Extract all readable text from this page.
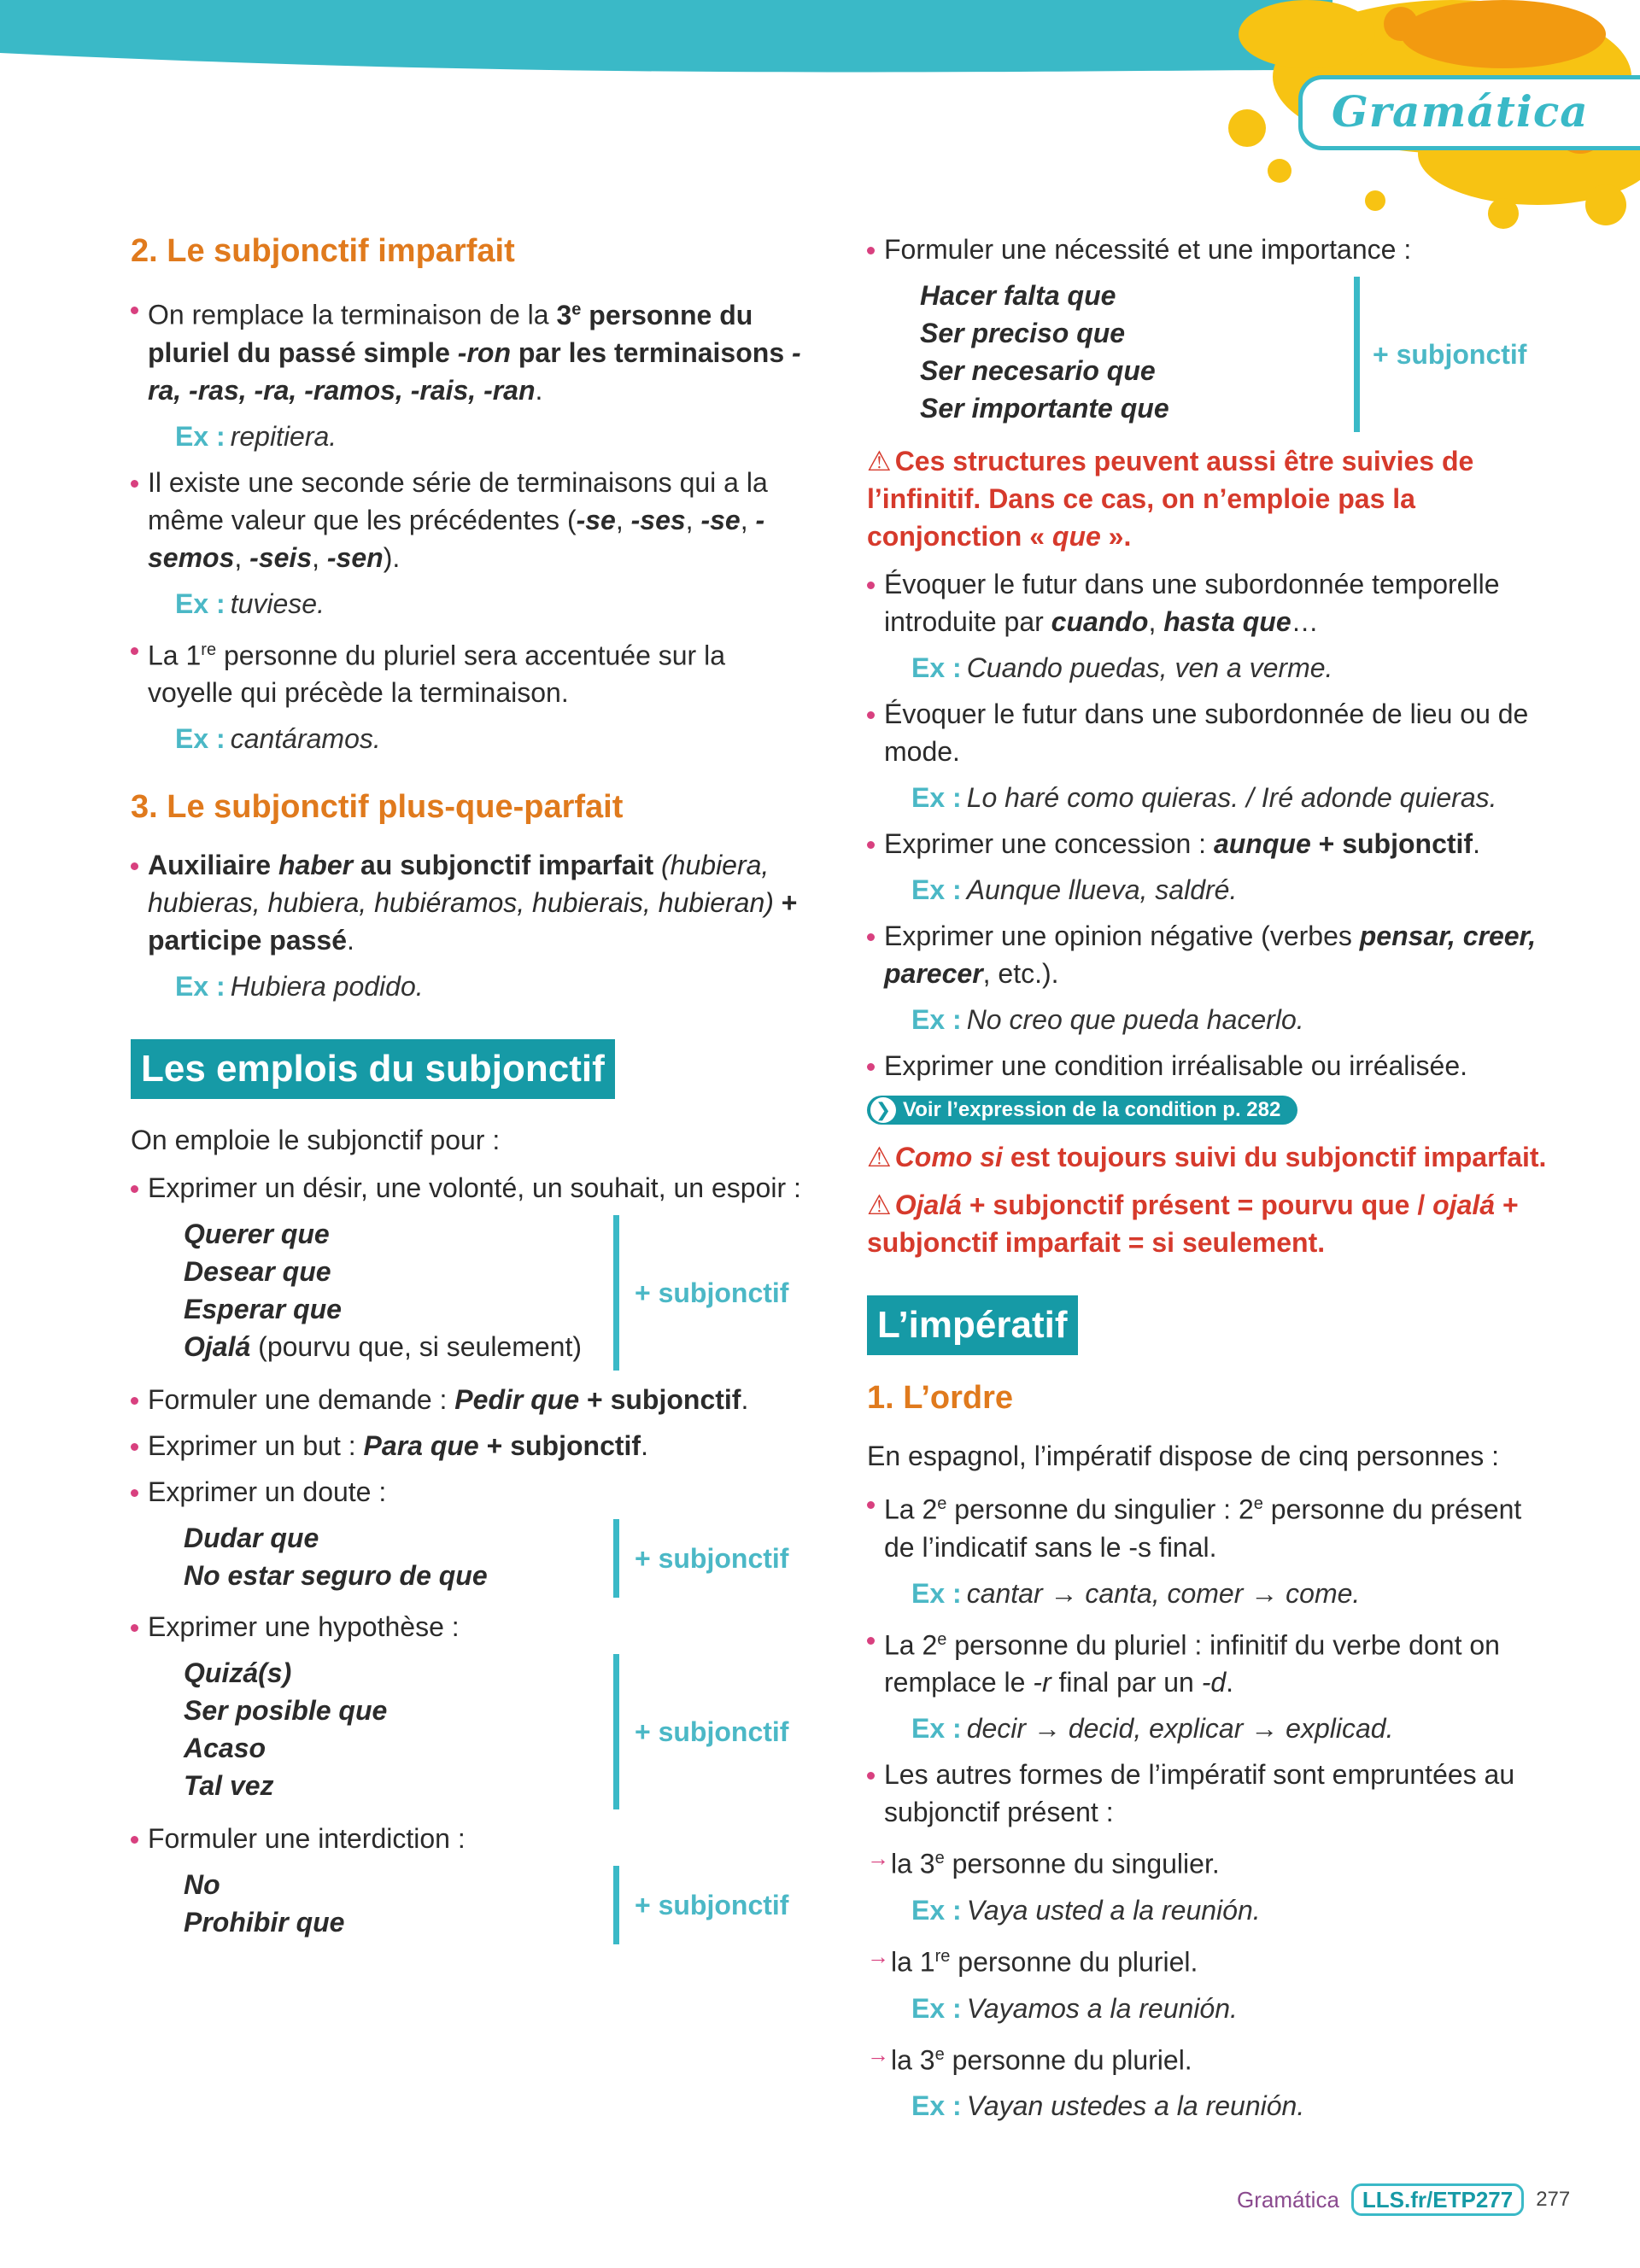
Gramática
2. Le subjonctif imparfait
On remplace la terminaison de la 3e personne du pluriel du passé simple -ron par les terminaisons -ra, -ras, -ra, -ramos, -rais, -ran.
Ex : repitiera.
Il existe une seconde série de terminaisons qui a la même valeur que les précédentes (-se, -ses, -se, -semos, -seis, -sen).
Ex : tuviese.
La 1re personne du pluriel sera accentuée sur la voyelle qui précède la terminaison.
Ex : cantáramos.
3. Le subjonctif plus-que-parfait
Auxiliaire haber au subjonctif imparfait (hubiera, hubieras, hubiera, hubiéramos, hubierais, hubieran) + participe passé.
Ex : Hubiera podido.
Les emplois du subjonctif
On emploie le subjonctif pour :
Exprimer un désir, une volonté, un souhait, un espoir :
Querer que
Desear que
Esperar que
Ojalá (pourvu que, si seulement)
+ subjonctif
Formuler une demande : Pedir que + subjonctif.
Exprimer un but : Para que + subjonctif.
Exprimer un doute :
Dudar que
No estar seguro de que
+ subjonctif
Exprimer une hypothèse :
Quizá(s)
Ser posible que
Acaso
Tal vez
+ subjonctif
Formuler une interdiction :
No
Prohibir que
+ subjonctif
Formuler une nécessité et une importance :
Hacer falta que
Ser preciso que
Ser necesario que
Ser importante que
+ subjonctif
⚠ Ces structures peuvent aussi être suivies de l’infinitif. Dans ce cas, on n’emploie pas la conjonction « que ».
Évoquer le futur dans une subordonnée temporelle introduite par cuando, hasta que…
Ex : Cuando puedas, ven a verme.
Évoquer le futur dans une subordonnée de lieu ou de mode.
Ex : Lo haré como quieras. / Iré adonde quieras.
Exprimer une concession : aunque + subjonctif.
Ex : Aunque llueva, saldré.
Exprimer une opinion négative (verbes pensar, creer, parecer, etc.).
Ex : No creo que pueda hacerlo.
Exprimer une condition irréalisable ou irréalisée.
❯ Voir l’expression de la condition p. 282
⚠ Como si est toujours suivi du subjonctif imparfait.
⚠ Ojalá + subjonctif présent = pourvu que / ojalá + subjonctif imparfait = si seulement.
L’impératif
1. L’ordre
En espagnol, l’impératif dispose de cinq personnes :
La 2e personne du singulier : 2e personne du présent de l’indicatif sans le -s final.
Ex : cantar → canta, comer → come.
La 2e personne du pluriel : infinitif du verbe dont on remplace le -r final par un -d.
Ex : decir → decid, explicar → explicad.
Les autres formes de l’impératif sont empruntées au subjonctif présent :
→ la 3e personne du singulier.
Ex : Vaya usted a la reunión.
→ la 1re personne du pluriel.
Ex : Vayamos a la reunión.
→ la 3e personne du pluriel.
Ex : Vayan ustedes a la reunión.
Gramática	LLS.fr/ETP277	277
